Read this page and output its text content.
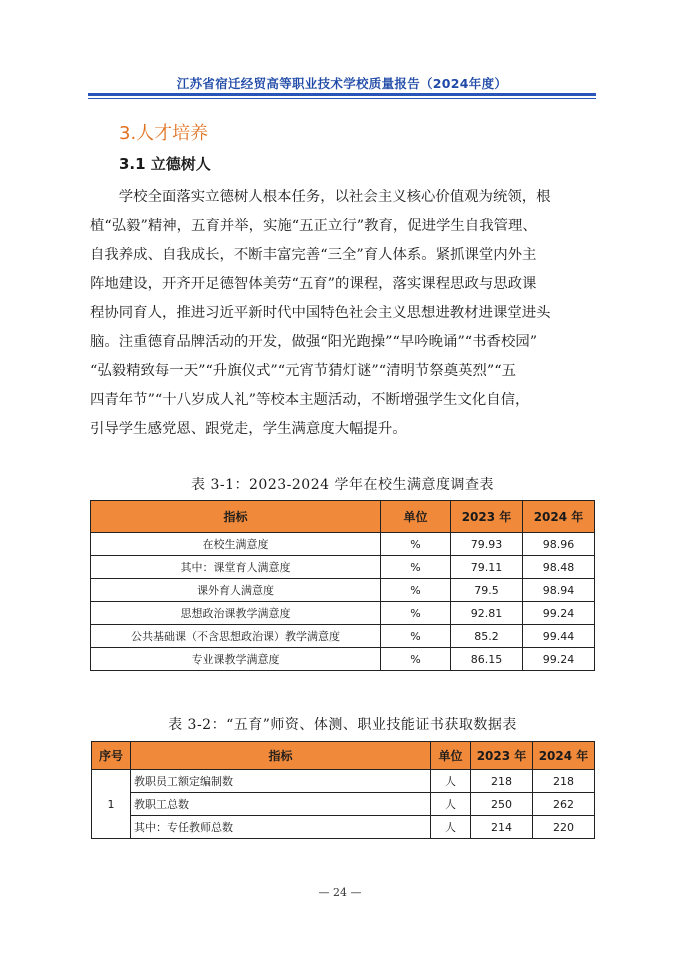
江苏省宿迁经贸高等职业技术学校质量报告（2024年度）
3.人才培养
3.1 立德树人
　　学校全面落实立德树人根本任务，以社会主义核心价值观为统领，根
植“弘毅”精神，五育并举，实施“五正立行”教育，促进学生自我管理、
自我养成、自我成长，不断丰富完善“三全”育人体系。紧抓课堂内外主
阵地建设，开齐开足德智体美劳“五育”的课程，落实课程思政与思政课
程协同育人，推进习近平新时代中国特色社会主义思想进教材进课堂进头
脑。注重德育品牌活动的开发，做强“阳光跑操”“早吟晚诵”“书香校园”
“弘毅精致每一天”“升旗仪式”“元宵节猜灯谜”“清明节祭奠英烈”“五
四青年节”“十八岁成人礼”等校本主题活动，不断增强学生文化自信，
引导学生感党恩、跟党走，学生满意度大幅提升。
表 3-1：2023-2024 学年在校生满意度调查表
指标	单位	2023 年	2024 年
在校生满意度	%	79.93	98.96
其中：课堂育人满意度	%	79.11	98.48
课外育人满意度	%	79.5	98.94
思想政治课教学满意度	%	92.81	99.24
公共基础课（不含思想政治课）教学满意度	%	85.2	99.44
专业课教学满意度	%	86.15	99.24
表 3-2：“五育”师资、体测、职业技能证书获取数据表
序号	指标	单位	2023 年	2024 年
1	教职员工额定编制数	人	218	218
	教职工总数	人	250	262
	其中：专任教师总数	人	214	220
— 24 —
